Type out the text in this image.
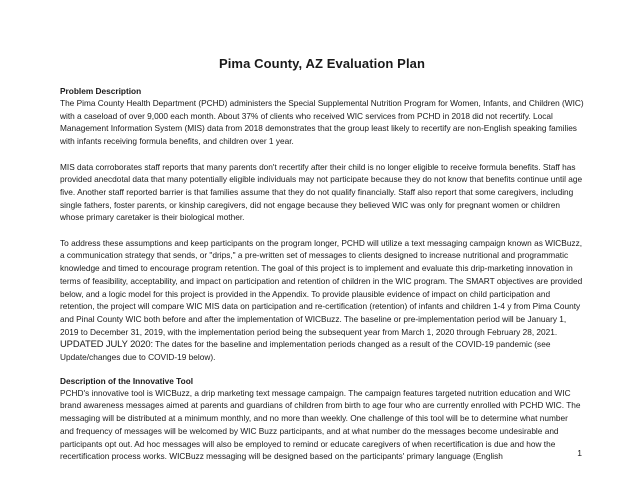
Pima County, AZ Evaluation Plan
Problem Description

The Pima County Health Department (PCHD) administers the Special Supplemental Nutrition Program for Women, Infants, and Children (WIC) with a caseload of over 9,000 each month. About 37% of clients who received WIC services from PCHD in 2018 did not recertify. Local Management Information System (MIS) data from 2018 demonstrates that the group least likely to recertify are non-English speaking families with infants receiving formula benefits, and children over 1 year.

MIS data corroborates staff reports that many parents don't recertify after their child is no longer eligible to receive formula benefits. Staff has provided anecdotal data that many potentially eligible individuals may not participate because they do not know that benefits continue until age five. Another staff reported barrier is that families assume that they do not qualify financially. Staff also report that some caregivers, including single fathers, foster parents, or kinship caregivers, did not engage because they believed WIC was only for pregnant women or children whose primary caretaker is their biological mother.

To address these assumptions and keep participants on the program longer, PCHD will utilize a text messaging campaign known as WICBuzz, a communication strategy that sends, or "drips," a pre-written set of messages to clients designed to increase nutritional and programmatic knowledge and timed to encourage program retention. The goal of this project is to implement and evaluate this drip-marketing innovation in terms of feasibility, acceptability, and impact on participation and retention of children in the WIC program. The SMART objectives are provided below, and a logic model for this project is provided in the Appendix. To provide plausible evidence of impact on child participation and retention, the project will compare WIC MIS data on participation and re-certification (retention) of infants and children 1-4 y from Pima County and Pinal County WIC both before and after the implementation of WICBuzz. The baseline or pre-implementation period will be January 1, 2019 to December 31, 2019, with the implementation period being the subsequent year from March 1, 2020 through February 28, 2021. UPDATED JULY 2020: The dates for the baseline and implementation periods changed as a result of the COVID-19 pandemic (see Update/changes due to COVID-19 below).

Description of the Innovative Tool

PCHD's innovative tool is WICBuzz, a drip marketing text message campaign. The campaign features targeted nutrition education and WIC brand awareness messages aimed at parents and guardians of children from birth to age four who are currently enrolled with PCHD WIC. The messaging will be distributed at a minimum monthly, and no more than weekly. One challenge of this tool will be to determine what number and frequency of messages will be welcomed by WIC Buzz participants, and at what number do the messages become undesirable and participants opt out. Ad hoc messages will also be employed to remind or educate caregivers of when recertification is due and how the recertification process works. WICBuzz messaging will be designed based on the participants' primary language (English	1
